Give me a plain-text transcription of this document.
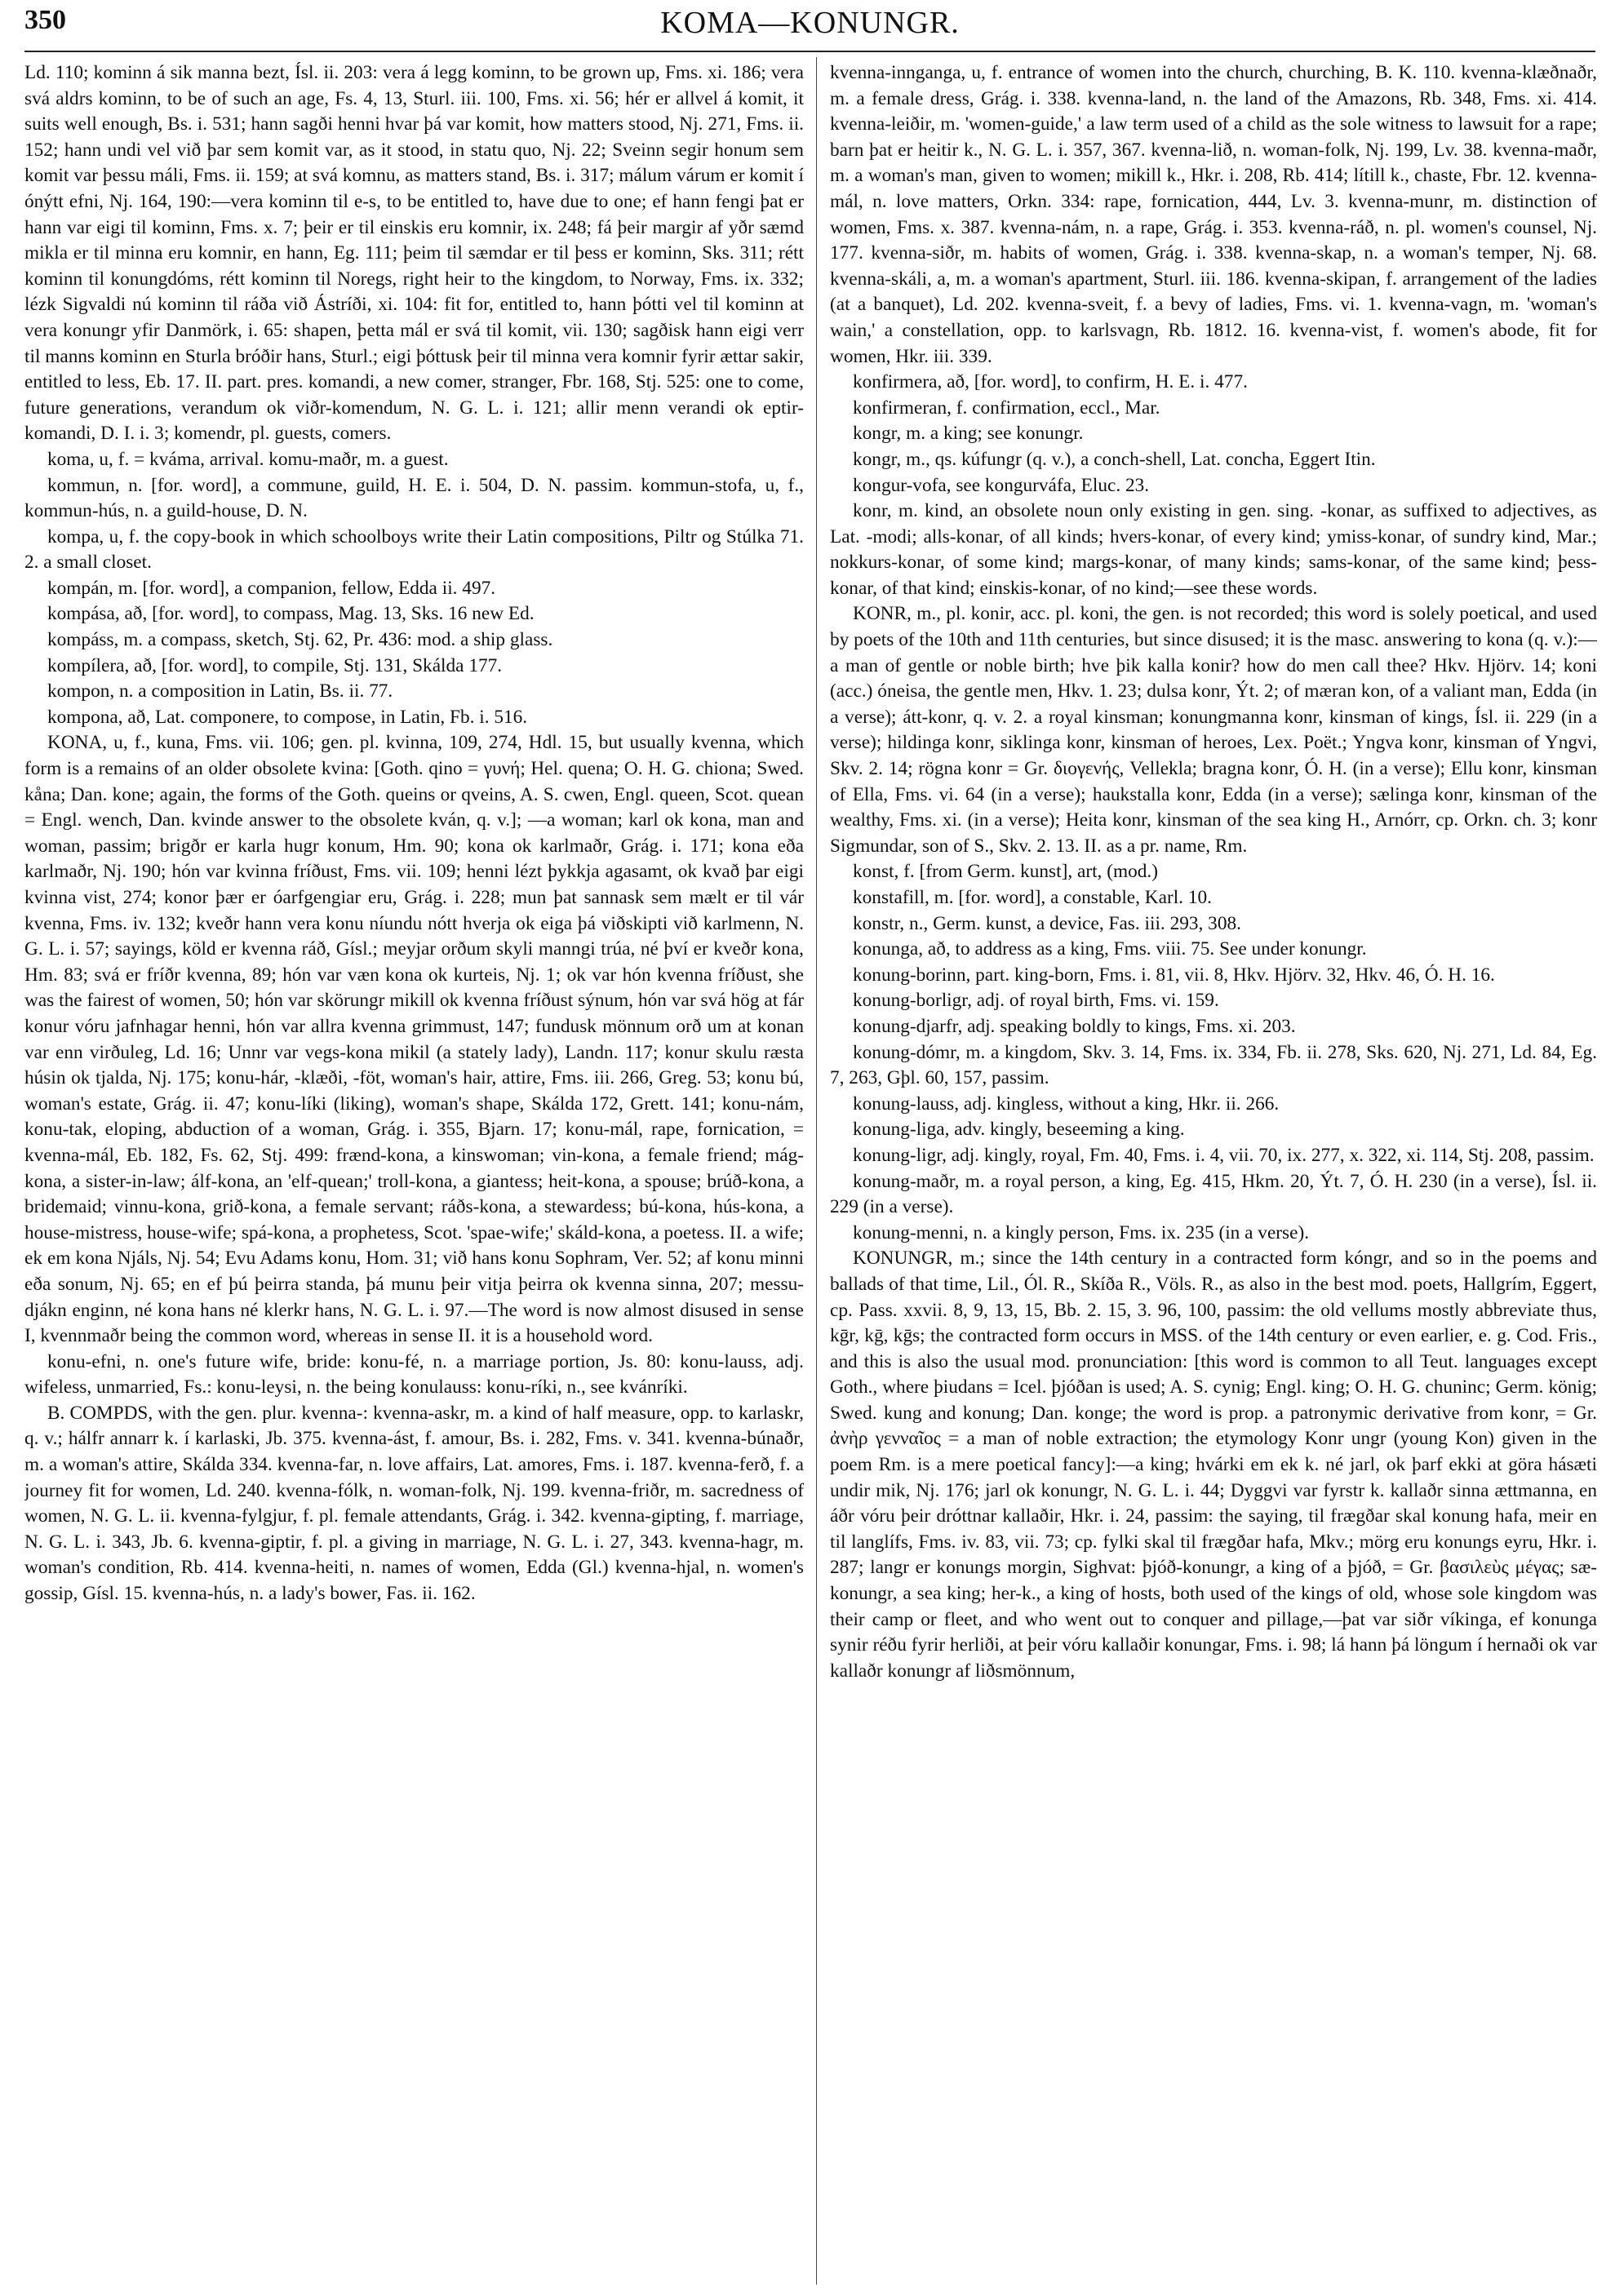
350	KOMA—KONUNGR.

Ld. 110; kominn á sik manna bezt, Ísl. ii. 203: vera á legg kominn, to be grown up, Fms. xi. 186; vera svá aldrs kominn, to be of such an age, Fs. 4, 13, Sturl. iii. 100, Fms. xi. 56; hér er allvel á komit, it suits well enough, Bs. i. 531; hann sagði henni hvar þá var komit, how matters stood, Nj. 271, Fms. ii. 152; hann undi vel við þar sem komit var, as it stood, in statu quo, Nj. 22; Sveinn segir honum sem komit var þessu máli, Fms. ii. 159; at svá komnu, as matters stand, Bs. i. 317; málum várum er komit í ónýtt efni, Nj. 164, 190:—vera kominn til e-s, to be entitled to, have due to one; ef hann fengi þat er hann var eigi til kominn, Fms. x. 7; þeir er til einskis eru komnir, ix. 248; fá þeir margir af yðr sæmd mikla er til minna eru komnir, en hann, Eg. 111; þeim til sæmdar er til þess er kominn, Sks. 311; rétt kominn til konungdóms, rétt kominn til Noregs, right heir to the kingdom, to Norway, Fms. ix. 332; lézk Sigvaldi nú kominn til ráða við Ástríði, xi. 104: fit for, entitled to, hann þótti vel til kominn at vera konungr yfir Danmörk, i. 65: shapen, þetta mál er svá til komit, vii. 130; sagðisk hann eigi verr til manns kominn en Sturla bróðir hans, Sturl.; eigi þóttusk þeir til minna vera komnir fyrir ættar sakir, entitled to less, Eb. 17. II. part. pres. komandi, a new comer, stranger, Fbr. 168, Stj. 525: one to come, future generations, verandum ok viðr-komendum, N. G. L. i. 121; allir menn verandi ok eptir-komandi, D. I. i. 3; komendr, pl. guests, comers.

koma, u, f. = kváma, arrival. komu-maðr, m. a guest.

kommun, n. [for. word], a commune, guild, H. E. i. 504, D. N. passim. kommun-stofa, u, f., kommun-hús, n. a guild-house, D. N.

kompa, u, f. the copy-book in which schoolboys write their Latin compositions, Piltr og Stúlka 71. 2. a small closet.

kompán, m. [for. word], a companion, fellow, Edda ii. 497.

kompása, að, [for. word], to compass, Mag. 13, Sks. 16 new Ed.

kompáss, m. a compass, sketch, Stj. 62, Pr. 436: mod. a ship glass.

kompílera, að, [for. word], to compile, Stj. 131, Skálda 177.

kompon, n. a composition in Latin, Bs. ii. 77.

kompona, að, Lat. componere, to compose, in Latin, Fb. i. 516.

KONA, u, f., kuna, Fms. vii. 106; gen. pl. kvinna, 109, 274, Hdl. 15, but usually kvenna, which form is a remains of an older obsolete kvina: [Goth. qino = γυνή; Hel. quena; O. H. G. chiona; Swed. kåna; Dan. kone; again, the forms of the Goth. queins or qveins, A. S. cwen, Engl. queen, Scot. quean = Engl. wench, Dan. kvinde answer to the obsolete kván, q. v.]; —a woman; karl ok kona, man and woman, passim; brigðr er karla hugr konum, Hm. 90; kona ok karlmaðr, Grág. i. 171; kona eða karlmaðr, Nj. 190; hón var kvinna fríðust, Fms. vii. 109; henni lézt þykkja agasamt, ok kvað þar eigi kvinna vist, 274; konor þær er óarfgengiar eru, Grág. i. 228; mun þat sannask sem mælt er til vár kvenna, Fms. iv. 132; kveðr hann vera konu níundu nótt hverja ok eiga þá viðskipti við karlmenn, N. G. L. i. 57; sayings, köld er kvenna ráð, Gísl.; meyjar orðum skyli manngi trúa, né því er kveðr kona, Hm. 83; svá er fríðr kvenna, 89; hón var væn kona ok kurteis, Nj. 1; ok var hón kvenna fríðust, she was the fairest of women, 50; hón var skörungr mikill ok kvenna fríðust sýnum, hón var svá hög at fár konur vóru jafnhagar henni, hón var allra kvenna grimmust, 147; fundusk mönnum orð um at konan var enn virðuleg, Ld. 16; Unnr var vegs-kona mikil (a stately lady), Landn. 117; konur skulu ræsta húsin ok tjalda, Nj. 175; konu-hár, -klæði, -föt, woman's hair, attire, Fms. iii. 266, Greg. 53; konu bú, woman's estate, Grág. ii. 47; konu-líki (liking), woman's shape, Skálda 172, Grett. 141; konu-nám, konu-tak, eloping, abduction of a woman, Grág. i. 355, Bjarn. 17; konu-mál, rape, fornication, = kvenna-mál, Eb. 182, Fs. 62, Stj. 499: frænd-kona, a kinswoman; vin-kona, a female friend; mág-kona, a sister-in-law; álf-kona, an 'elf-quean;' troll-kona, a giantess; heit-kona, a spouse; brúð-kona, a bridemaid; vinnu-kona, grið-kona, a female servant; ráðs-kona, a stewardess; bú-kona, hús-kona, a house-mistress, house-wife; spá-kona, a prophetess, Scot. 'spae-wife;' skáld-kona, a poetess. II. a wife; ek em kona Njáls, Nj. 54; Evu Adams konu, Hom. 31; við hans konu Sophram, Ver. 52; af konu minni eða sonum, Nj. 65; en ef þú þeirra standa, þá munu þeir vitja þeirra ok kvenna sinna, 207; messu-djákn enginn, né kona hans né klerkr hans, N. G. L. i. 97.—The word is now almost disused in sense I, kvennmaðr being the common word, whereas in sense II. it is a household word.

konu-efni, n. one's future wife, bride: konu-fé, n. a marriage portion, Js. 80: konu-lauss, adj. wifeless, unmarried, Fs.: konu-leysi, n. the being konulauss: konu-ríki, n., see kvánríki.

B. COMPDS, with the gen. plur. kvenna-: kvenna-askr, m. a kind of half measure, opp. to karlaskr, q. v.; hálfr annarr k. í karlaski, Jb. 375. kvenna-ást, f. amour, Bs. i. 282, Fms. v. 341. kvenna-búnaðr, m. a woman's attire, Skálda 334. kvenna-far, n. love affairs, Lat. amores, Fms. i. 187. kvenna-ferð, f. a journey fit for women, Ld. 240. kvenna-fólk, n. woman-folk, Nj. 199. kvenna-friðr, m. sacredness of women, N. G. L. ii. kvenna-fylgjur, f. pl. female attendants, Grág. i. 342. kvenna-gipting, f. marriage, N. G. L. i. 343, Jb. 6. kvenna-giptir, f. pl. a giving in marriage, N. G. L. i. 27, 343. kvenna-hagr, m. woman's condition, Rb. 414. kvenna-heiti, n. names of women, Edda (Gl.) kvenna-hjal, n. women's gossip, Gísl. 15. kvenna-hús, n. a lady's bower, Fas. ii. 162.

kvenna-innganga, u, f. entrance of women into the church, churching, B. K. 110. kvenna-klæðnaðr, m. a female dress, Grág. i. 338. kvenna-land, n. the land of the Amazons, Rb. 348, Fms. xi. 414. kvenna-leiðir, m. 'women-guide,' a law term used of a child as the sole witness to lawsuit for a rape; barn þat er heitir k., N. G. L. i. 357, 367. kvenna-lið, n. woman-folk, Nj. 199, Lv. 38. kvenna-maðr, m. a woman's man, given to women; mikill k., Hkr. i. 208, Rb. 414; lítill k., chaste, Fbr. 12. kvenna-mál, n. love matters, Orkn. 334: rape, fornication, 444, Lv. 3. kvenna-munr, m. distinction of women, Fms. x. 387. kvenna-nám, n. a rape, Grág. i. 353. kvenna-ráð, n. pl. women's counsel, Nj. 177. kvenna-siðr, m. habits of women, Grág. i. 338. kvenna-skap, n. a woman's temper, Nj. 68. kvenna-skáli, a, m. a woman's apartment, Sturl. iii. 186. kvenna-skipan, f. arrangement of the ladies (at a banquet), Ld. 202. kvenna-sveit, f. a bevy of ladies, Fms. vi. 1. kvenna-vagn, m. 'woman's wain,' a constellation, opp. to karlsvagn, Rb. 1812. 16. kvenna-vist, f. women's abode, fit for women, Hkr. iii. 339.

konfirmera, að, [for. word], to confirm, H. E. i. 477.

konfirmeran, f. confirmation, eccl., Mar.

kongr, m. a king; see konungr.

kongr, m., qs. kúfungr (q. v.), a conch-shell, Lat. concha, Eggert Itin.

kongur-vofa, see kongurváfa, Eluc. 23.

konr, m. kind, an obsolete noun only existing in gen. sing. -konar, as suffixed to adjectives, as Lat. -modi; alls-konar, of all kinds; hvers-konar, of every kind; ymiss-konar, of sundry kind, Mar.; nokkurs-konar, of some kind; margs-konar, of many kinds; sams-konar, of the same kind; þess-konar, of that kind; einskis-konar, of no kind;—see these words.

KONR, m., pl. konir, acc. pl. koni, the gen. is not recorded; this word is solely poetical, and used by poets of the 10th and 11th centuries, but since disused; it is the masc. answering to kona (q. v.):—a man of gentle or noble birth; hve þik kalla konir? how do men call thee? Hkv. Hjörv. 14; koni (acc.) óneisa, the gentle men, Hkv. 1. 23; dulsa konr, Ýt. 2; of mæran kon, of a valiant man, Edda (in a verse); átt-konr, q. v. 2. a royal kinsman; konungmanna konr, kinsman of kings, Ísl. ii. 229 (in a verse); hildinga konr, siklinga konr, kinsman of heroes, Lex. Poët.; Yngva konr, kinsman of Yngvi, Skv. 2. 14; rögna konr = Gr. διογενής, Vellekla; bragna konr, Ó. H. (in a verse); Ellu konr, kinsman of Ella, Fms. vi. 64 (in a verse); haukstalla konr, Edda (in a verse); sælinga konr, kinsman of the wealthy, Fms. xi. (in a verse); Heita konr, kinsman of the sea king H., Arnórr, cp. Orkn. ch. 3; konr Sigmundar, son of S., Skv. 2. 13. II. as a pr. name, Rm.

konst, f. [from Germ. kunst], art, (mod.)

konstafill, m. [for. word], a constable, Karl. 10.

konstr, n., Germ. kunst, a device, Fas. iii. 293, 308.

konunga, að, to address as a king, Fms. viii. 75. See under konungr.

konung-borinn, part. king-born, Fms. i. 81, vii. 8, Hkv. Hjörv. 32, Hkv. 46, Ó. H. 16.

konung-borligr, adj. of royal birth, Fms. vi. 159.

konung-djarfr, adj. speaking boldly to kings, Fms. xi. 203.

konung-dómr, m. a kingdom, Skv. 3. 14, Fms. ix. 334, Fb. ii. 278, Sks. 620, Nj. 271, Ld. 84, Eg. 7, 263, Gþl. 60, 157, passim.

konung-lauss, adj. kingless, without a king, Hkr. ii. 266.

konung-liga, adv. kingly, beseeming a king.

konung-ligr, adj. kingly, royal, Fm. 40, Fms. i. 4, vii. 70, ix. 277, x. 322, xi. 114, Stj. 208, passim.

konung-maðr, m. a royal person, a king, Eg. 415, Hkm. 20, Ýt. 7, Ó. H. 230 (in a verse), Ísl. ii. 229 (in a verse).

konung-menni, n. a kingly person, Fms. ix. 235 (in a verse).

KONUNGR, m.; since the 14th century in a contracted form kóngr, and so in the poems and ballads of that time, Lil., Ól. R., Skíða R., Völs. R., as also in the best mod. poets, Hallgrím, Eggert, cp. Pass. xxvii. 8, 9, 13, 15, Bb. 2. 15, 3. 96, 100, passim: the old vellums mostly abbreviate thus, kḡr, kḡ, kḡs; the contracted form occurs in MSS. of the 14th century or even earlier, e. g. Cod. Fris., and this is also the usual mod. pronunciation: [this word is common to all Teut. languages except Goth., where þiudans = Icel. þjóðan is used; A. S. cynig; Engl. king; O. H. G. chuninc; Germ. könig; Swed. kung and konung; Dan. konge; the word is prop. a patronymic derivative from konr, = Gr. ἀνὴρ γενναῖος = a man of noble extraction; the etymology Konr ungr (young Kon) given in the poem Rm. is a mere poetical fancy]:—a king; hvárki em ek k. né jarl, ok þarf ekki at göra hásæti undir mik, Nj. 176; jarl ok konungr, N. G. L. i. 44; Dyggvi var fyrstr k. kallaðr sinna ættmanna, en áðr vóru þeir dróttnar kallaðir, Hkr. i. 24, passim: the saying, til frægðar skal konung hafa, meir en til langlífs, Fms. iv. 83, vii. 73; cp. fylki skal til frægðar hafa, Mkv.; mörg eru konungs eyru, Hkr. i. 287; langr er konungs morgin, Sighvat: þjóð-konungr, a king of a þjóð, = Gr. βασιλεὺς μέγας; sæ-konungr, a sea king; her-k., a king of hosts, both used of the kings of old, whose sole kingdom was their camp or fleet, and who went out to conquer and pillage,—þat var siðr víkinga, ef konunga synir réðu fyrir herliði, at þeir vóru kallaðir konungar, Fms. i. 98; lá hann þá löngum í hernaði ok var kallaðr konungr af liðsmönnum,
